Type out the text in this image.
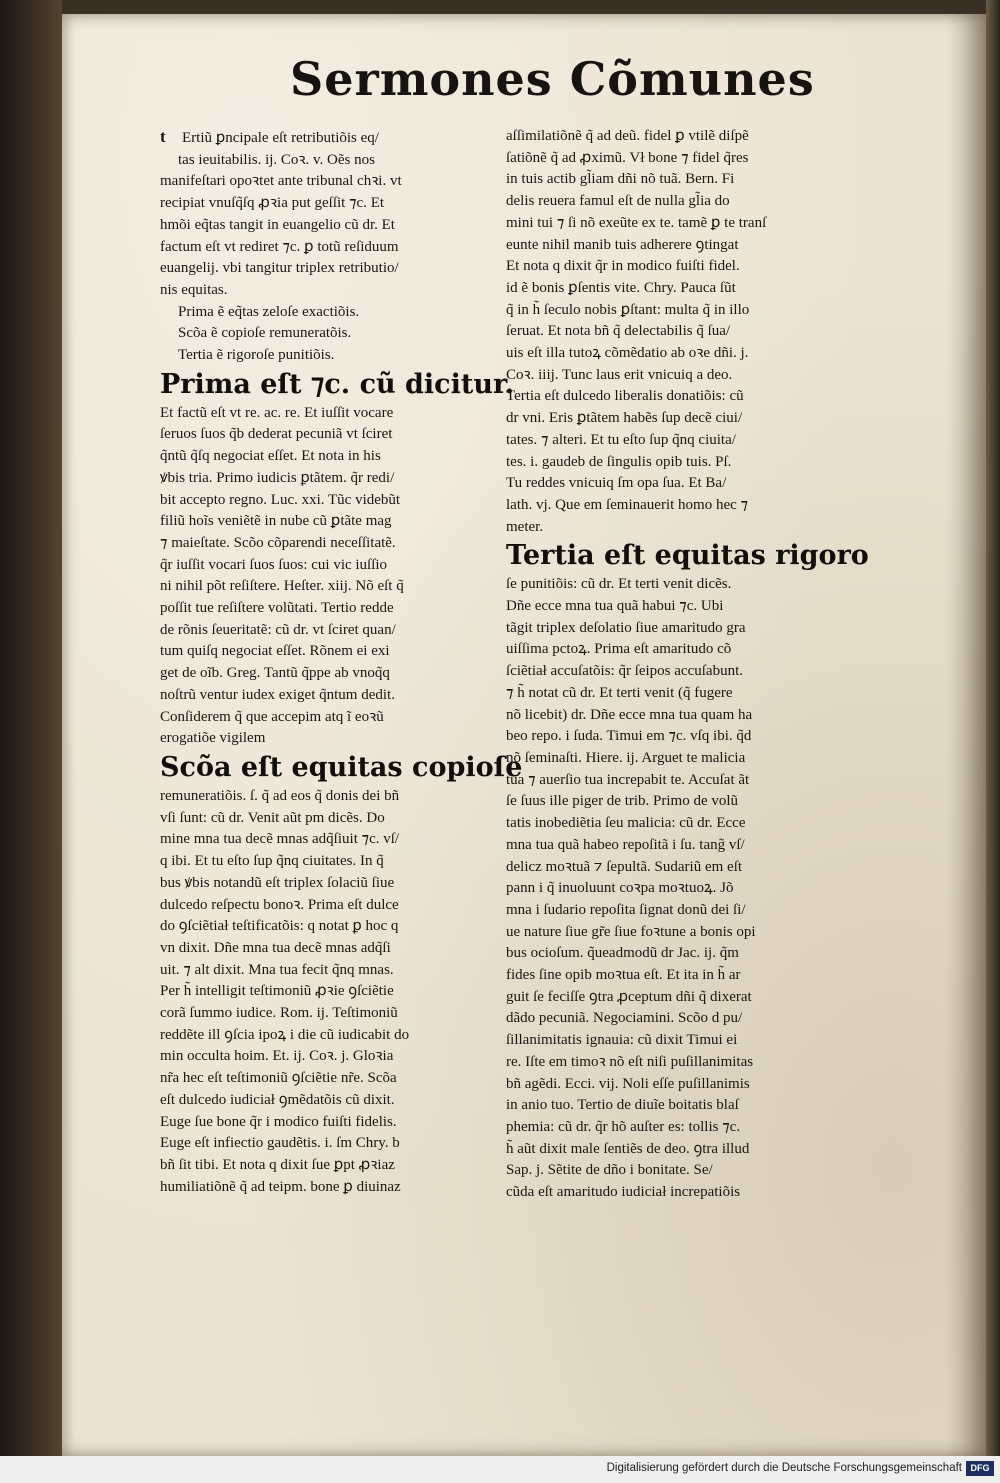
Sermones Cõmunes
t Ertiũ ꝑncipale eſt retributiõis eq/
tas ieuitabilis. ij. Coꝛ. v. Oẽs nos
manifeſtari opoꝛtet ante tribunal chꝛi. vt
recipiat vnuſq̃ſq ꝓꝛia put geſſit ⁊c. Et
hmõi eq̃tas tangit in euangelio cũ dr. Et
factum eſt vt rediret ⁊c. ꝑ totũ reſiduum
euangelij. vbi tangitur triplex retributio/
nis equitas.
Prima ẽ eq̃tas zeloſe exactiõis.
Scõa ẽ copioſe remuneratõis.
Tertia ẽ rigoroſe punitiõis.
Prima eſt ⁊c. cũ dicitur.
Et factũ eſt vt re. ac. re. Et iuſſit vocare
ſeruos ſuos q̃b dederat pecuniã vt ſciret
q̃ntũ q̃ſq negociat eſſet. Et nota in his
ꝟbis tria. Primo iudicis ꝑtãtem. q̃r redi/
bit accepto regno. Luc. xxi. Tũc videbũt
filiũ hoĩs veniẽtẽ in nube cũ ꝑtãte mag
⁊ maieſtate. Scõo cõparendi neceſſitatẽ.
q̃r iuſſit vocari ſuos ſuos: cui vic iuſſio
ni nihil põt reſiſtere. Heſter. xiij. Nõ eſt q̃
poſſit tue reſiſtere volũtati. Tertio redde
de rõnis ſeueritatẽ: cũ dr. vt ſciret quan/
tum quiſq negociat eſſet. Rõnem ei exi
get de oĩb. Greg. Tantũ q̃ppe ab vnoq̃q
noſtrũ ventur iudex exiget q̃ntum dedit.
Conſiderem q̃ que accepim atq ĩ eoꝛũ
erogatiõe vigilem
Scõa eſt equitas copioſe
remuneratiõis. ſ. q̃ ad eos q̃ donis dei bñ
vſi ſunt: cũ dr. Venit aũt pm dicẽs. Do
mine mna tua decẽ mnas adq̃ſiuit ⁊c. vſ/
q ibi. Et tu eſto ſup q̃nq ciuitates. In q̃
bus ꝟbis notandũ eſt triplex ſolaciũ ſiue
dulcedo reſpectu bonoꝛ. Prima eſt dulce
do ꝯſciẽtiał teſtificatõis: q notat ꝑ hoc q
vn dixit. Dñe mna tua decẽ mnas adq̃ſi
uit. ⁊ alt dixit. Mna tua fecit q̃nq mnas.
Per h̃ intelligit teſtimoniũ ꝓꝛie ꝯſciẽtie
corã ſummo iudice. Rom. ij. Teſtimoniũ
reddẽte ill ꝯſcia ipoꝝ i die cũ iudicabit do
min occulta hoim. Et. ij. Coꝛ. j. Gloꝛia
nr̃a hec eſt teſtimoniũ ꝯſciẽtie nr̃e. Scõa
eſt dulcedo iudiciał ꝯmẽdatõis cũ dixit.
Euge ſue bone q̃r i modico fuiſti fidelis.
Euge eſt infiectio gaudẽtis. i. ſm Chry. b
bñ ſit tibi. Et nota q dixit ſue ꝑpt ꝓꝛiaz
humiliatiõnẽ q̃ ad teipm. bone ꝑ diuinaz
aſſimilatiõnẽ q̃ ad deũ. fidel ꝑ vtilẽ diſpẽ
ſatiõnẽ q̃ ad ꝓximũ. Vł bone ⁊ fidel q̃res
in tuis actib gl̃iam dñi nõ tuã. Bern. Fi
delis reuera famul eſt de nulla gl̃ia do
mini tui ⁊ ſi nõ exeũte ex te. tamẽ ꝑ te tranſ
eunte nihil manib tuis adherere ꝯtingat
Et nota q dixit q̃r in modico fuiſti fidel.
id ẽ bonis ꝑſentis vite. Chry. Pauca ſũt
q̃ in h̃ ſeculo nobis ꝑſtant: multa q̃ in illo
ſeruat. Et nota bñ q̃ delectabilis q̃ ſua/
uis eſt illa tutoꝝ cõmẽdatio ab oꝛe dñi. j.
Coꝛ. iiij. Tunc laus erit vnicuiq a deo.
Tertia eſt dulcedo liberalis donatiõis: cũ
dr vni. Eris ꝑtãtem habẽs ſup decẽ ciui/
tates. ⁊ alteri. Et tu eſto ſup q̃nq ciuita/
tes. i. gaudeb de ſingulis opib tuis. Pſ.
Tu reddes vnicuiq ſm opa ſua. Et Ba/
lath. vj. Que em ſeminauerit homo hec ⁊
meter.
Tertia eſt equitas rigoro
ſe punitiõis: cũ dr. Et terti venit dicẽs.
Dñe ecce mna tua quã habui ⁊c. Ubi
tãgit triplex deſolatio ſiue amaritudo gra
uiſſima pctoꝝ. Prima eſt amaritudo cõ
ſciẽtiał accuſatõis: q̃r ſeipos accuſabunt.
⁊ h̃ notat cũ dr. Et terti venit (q̃ fugere
nõ licebit) dr. Dñe ecce mna tua quam ha
beo repo. i ſuda. Timui em ⁊c. vſq ibi. q̃d
nõ ſeminaſti. Hiere. ij. Arguet te malicia
tua ⁊ auerſio tua increpabit te. Accuſat ãt
ſe ſuus ille piger de trib. Primo de volũ
tatis inobediẽtia ſeu malicia: cũ dr. Ecce
mna tua quã habeo repoſitã i ſu. tang̃ vſ/
delicz moꝛtuã ⁊ ſepultã. Sudariũ em eſt
pann i q̃ inuoluunt coꝛpa moꝛtuoꝝ. Jõ
mna i ſudario repoſita ſignat donũ dei ſi/
ue nature ſiue gr̃e ſiue foꝛtune a bonis opi
bus ocioſum. q̃ueadmodũ dr Jac. ij. q̃m
fides ſine opib moꝛtua eſt. Et ita in h̃ ar
guit ſe feciſſe ꝯtra ꝓceptum dñi q̃ dixerat
dãdo pecuniã. Negociamini. Scõo d pu/
ſillanimitatis ignauia: cũ dixit Timui ei
re. Iſte em timoꝛ nõ eſt niſi puſillanimitas
bñ agẽdi. Ecci. vij. Noli eſſe puſillanimis
in anio tuo. Tertio de diuĩe boitatis blaſ
phemia: cũ dr. q̃r hõ auſter es: tollis ⁊c.
h̃ aũt dixit male ſentiẽs de deo. ꝯtra illud
Sap. j. Sẽtite de dño i bonitate. Se/
cũda eſt amaritudo iudiciał increpatiõis
Digitalisierung gefördert durch die Deutsche Forschungsgemeinschaft DFG
